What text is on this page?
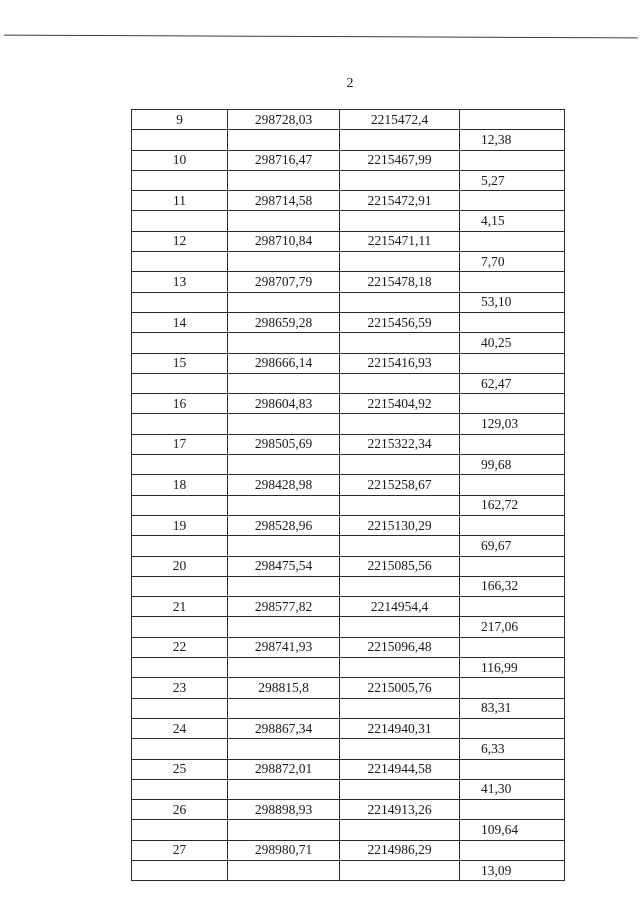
2
9	298728,03	2215472,4	
			12,38
10	298716,47	2215467,99	
			5,27
11	298714,58	2215472,91	
			4,15
12	298710,84	2215471,11	
			7,70
13	298707,79	2215478,18	
			53,10
14	298659,28	2215456,59	
			40,25
15	298666,14	2215416,93	
			62,47
16	298604,83	2215404,92	
			129,03
17	298505,69	2215322,34	
			99,68
18	298428,98	2215258,67	
			162,72
19	298528,96	2215130,29	
			69,67
20	298475,54	2215085,56	
			166,32
21	298577,82	2214954,4	
			217,06
22	298741,93	2215096,48	
			116,99
23	298815,8	2215005,76	
			83,31
24	298867,34	2214940,31	
			6,33
25	298872,01	2214944,58	
			41,30
26	298898,93	2214913,26	
			109,64
27	298980,71	2214986,29	
			13,09
